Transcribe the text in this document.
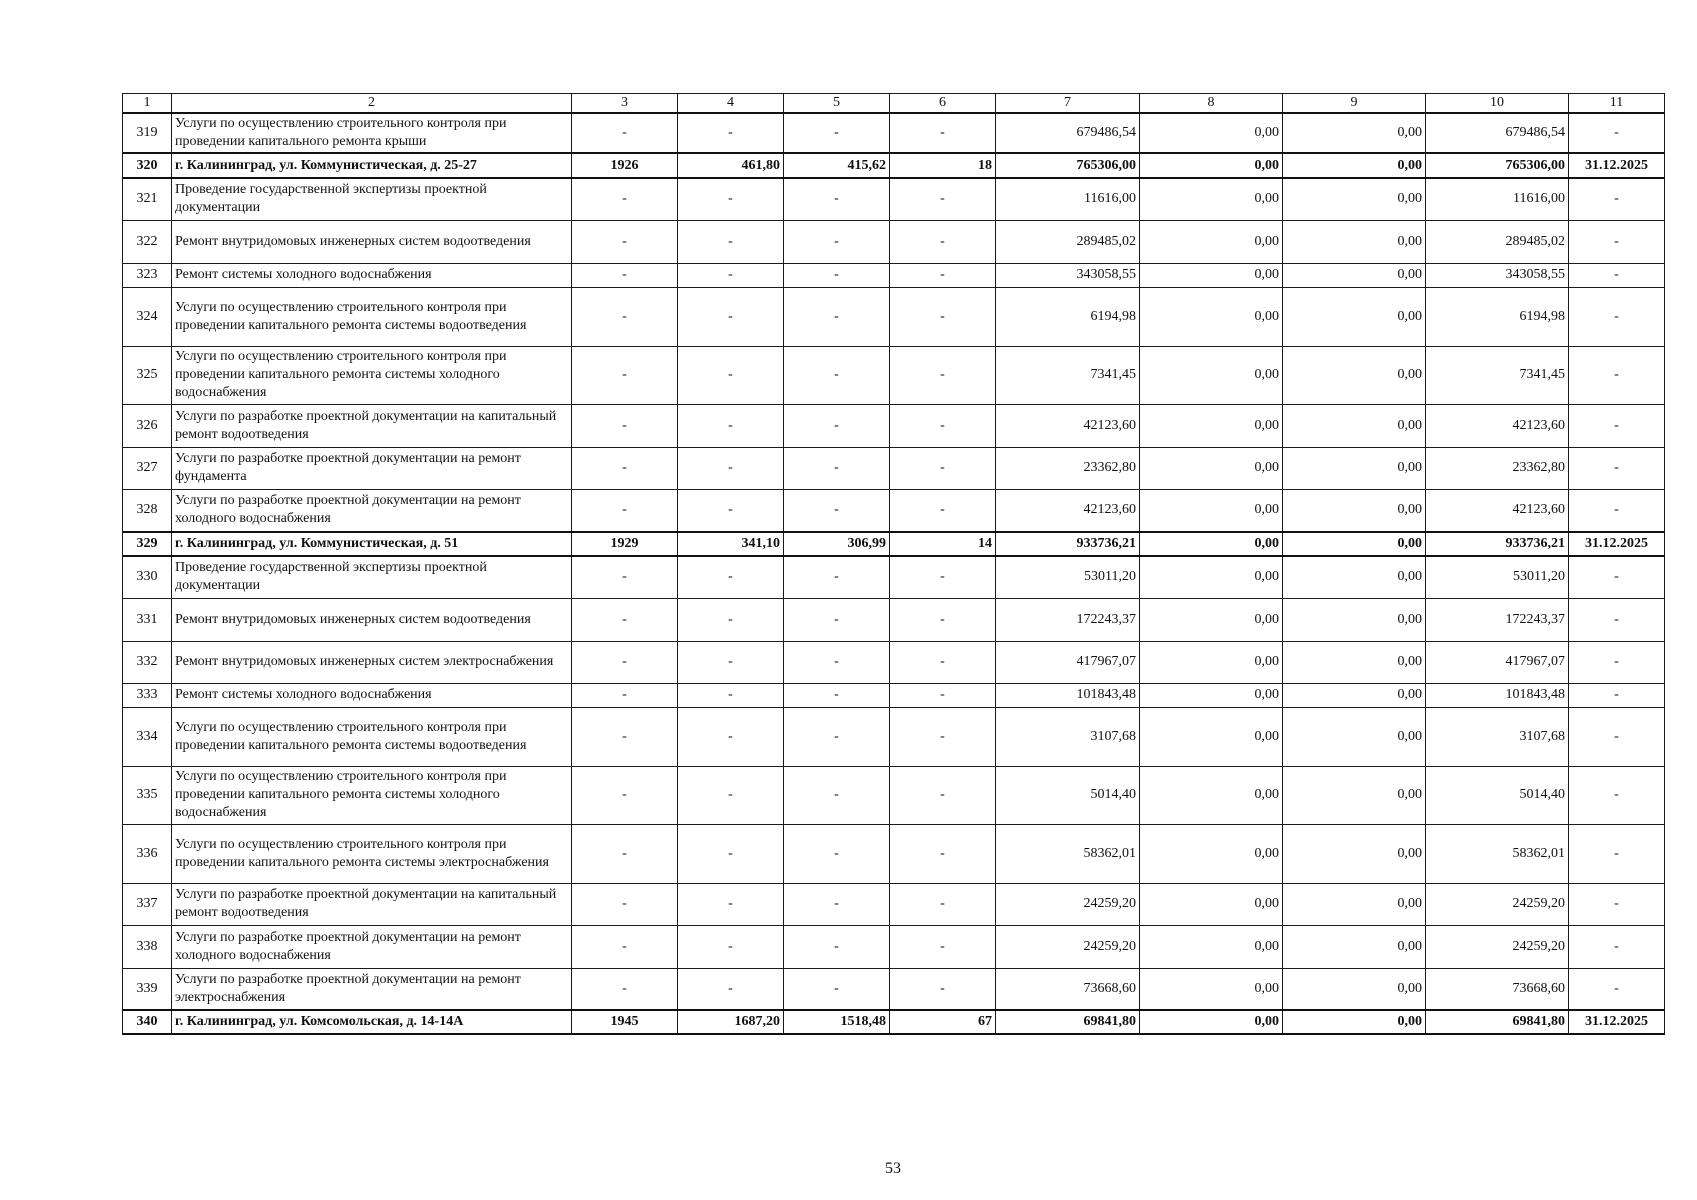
1	2	3	4	5	6	7	8	9	10	11
319	Услуги по осуществлению строительного контроля при проведении капитального ремонта крыши	-	-	-	-	679486,54	0,00	0,00	679486,54	-
320	г. Калининград, ул. Коммунистическая, д. 25-27	1926	461,80	415,62	18	765306,00	0,00	0,00	765306,00	31.12.2025
321	Проведение государственной экспертизы проектной документации	-	-	-	-	11616,00	0,00	0,00	11616,00	-
322	Ремонт внутридомовых инженерных систем водоотведения	-	-	-	-	289485,02	0,00	0,00	289485,02	-
323	Ремонт системы холодного водоснабжения	-	-	-	-	343058,55	0,00	0,00	343058,55	-
324	Услуги по осуществлению строительного контроля при проведении капитального ремонта системы водоотведения	-	-	-	-	6194,98	0,00	0,00	6194,98	-
325	Услуги по осуществлению строительного контроля при проведении капитального ремонта системы холодного водоснабжения	-	-	-	-	7341,45	0,00	0,00	7341,45	-
326	Услуги по разработке проектной документации на капитальный ремонт водоотведения	-	-	-	-	42123,60	0,00	0,00	42123,60	-
327	Услуги по разработке проектной документации на ремонт фундамента	-	-	-	-	23362,80	0,00	0,00	23362,80	-
328	Услуги по разработке проектной документации на ремонт холодного водоснабжения	-	-	-	-	42123,60	0,00	0,00	42123,60	-
329	г. Калининград, ул. Коммунистическая, д. 51	1929	341,10	306,99	14	933736,21	0,00	0,00	933736,21	31.12.2025
330	Проведение государственной экспертизы проектной документации	-	-	-	-	53011,20	0,00	0,00	53011,20	-
331	Ремонт внутридомовых инженерных систем водоотведения	-	-	-	-	172243,37	0,00	0,00	172243,37	-
332	Ремонт внутридомовых инженерных систем электроснабжения	-	-	-	-	417967,07	0,00	0,00	417967,07	-
333	Ремонт системы холодного водоснабжения	-	-	-	-	101843,48	0,00	0,00	101843,48	-
334	Услуги по осуществлению строительного контроля при проведении капитального ремонта системы водоотведения	-	-	-	-	3107,68	0,00	0,00	3107,68	-
335	Услуги по осуществлению строительного контроля при проведении капитального ремонта системы холодного водоснабжения	-	-	-	-	5014,40	0,00	0,00	5014,40	-
336	Услуги по осуществлению строительного контроля при проведении капитального ремонта системы электроснабжения	-	-	-	-	58362,01	0,00	0,00	58362,01	-
337	Услуги по разработке проектной документации на капитальный ремонт водоотведения	-	-	-	-	24259,20	0,00	0,00	24259,20	-
338	Услуги по разработке проектной документации на ремонт холодного водоснабжения	-	-	-	-	24259,20	0,00	0,00	24259,20	-
339	Услуги по разработке проектной документации на ремонт электроснабжения	-	-	-	-	73668,60	0,00	0,00	73668,60	-
340	г. Калининград, ул. Комсомольская, д. 14-14А	1945	1687,20	1518,48	67	69841,80	0,00	0,00	69841,80	31.12.2025
53
